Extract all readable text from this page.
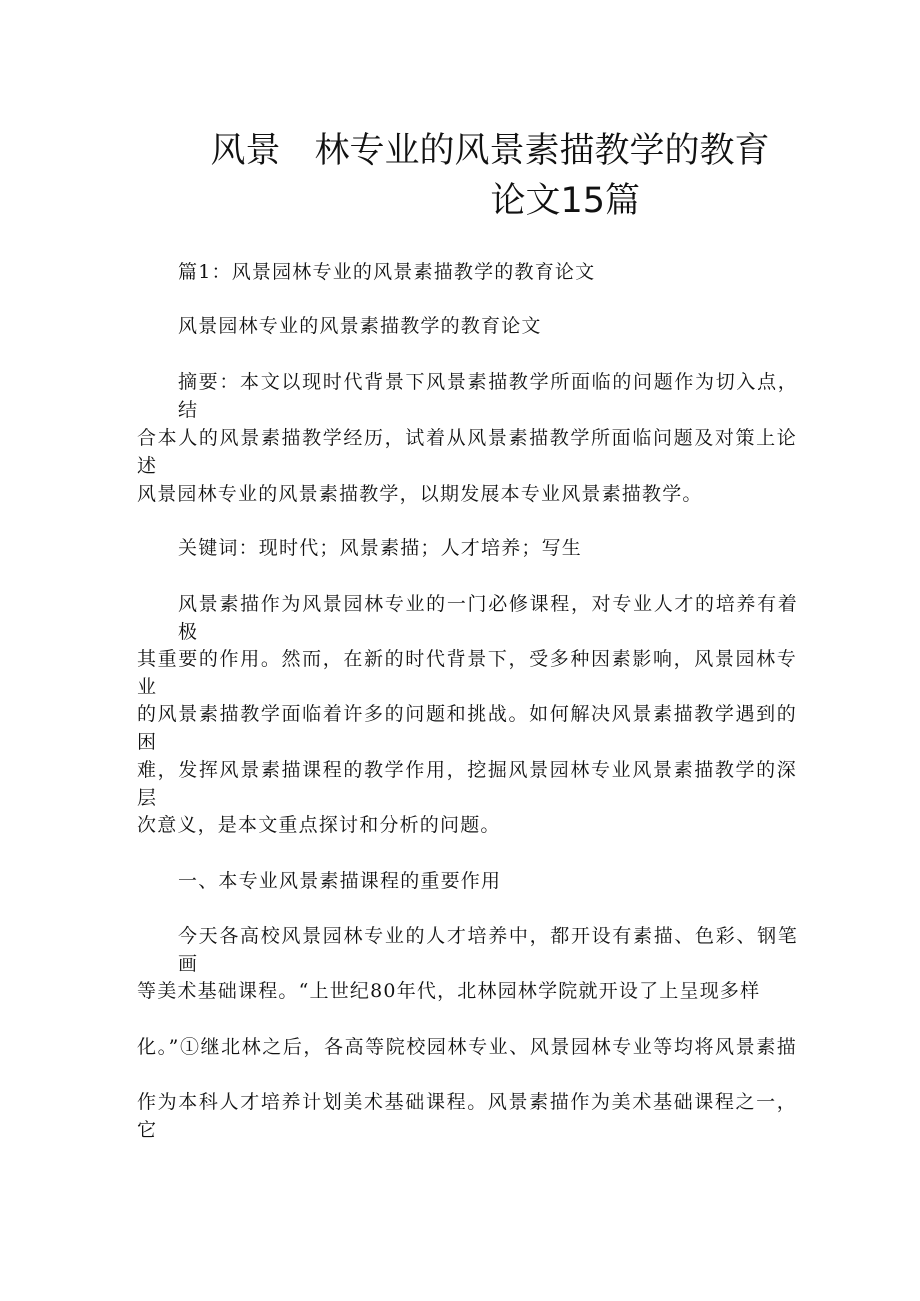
风景 林专业的风景素描教学的教育
论文15篇
篇1：风景园林专业的风景素描教学的教育论文
风景园林专业的风景素描教学的教育论文
摘要：本文以现时代背景下风景素描教学所面临的问题作为切入点，结
合本人的风景素描教学经历，试着从风景素描教学所面临问题及对策上论述
风景园林专业的风景素描教学，以期发展本专业风景素描教学。
关键词：现时代；风景素描；人才培养；写生
风景素描作为风景园林专业的一门必修课程，对专业人才的培养有着极
其重要的作用。然而，在新的时代背景下，受多种因素影响，风景园林专业
的风景素描教学面临着许多的问题和挑战。如何解决风景素描教学遇到的困
难，发挥风景素描课程的教学作用，挖掘风景园林专业风景素描教学的深层
次意义，是本文重点探讨和分析的问题。
一、本专业风景素描课程的重要作用
今天各高校风景园林专业的人才培养中，都开设有素描、色彩、钢笔画
等美术基础课程。“上世纪80年代，北林园林学院就开设了上呈现多样
化。”①继北林之后，各高等院校园林专业、风景园林专业等均将风景素描
作为本科人才培养计划美术基础课程。风景素描作为美术基础课程之一，它
